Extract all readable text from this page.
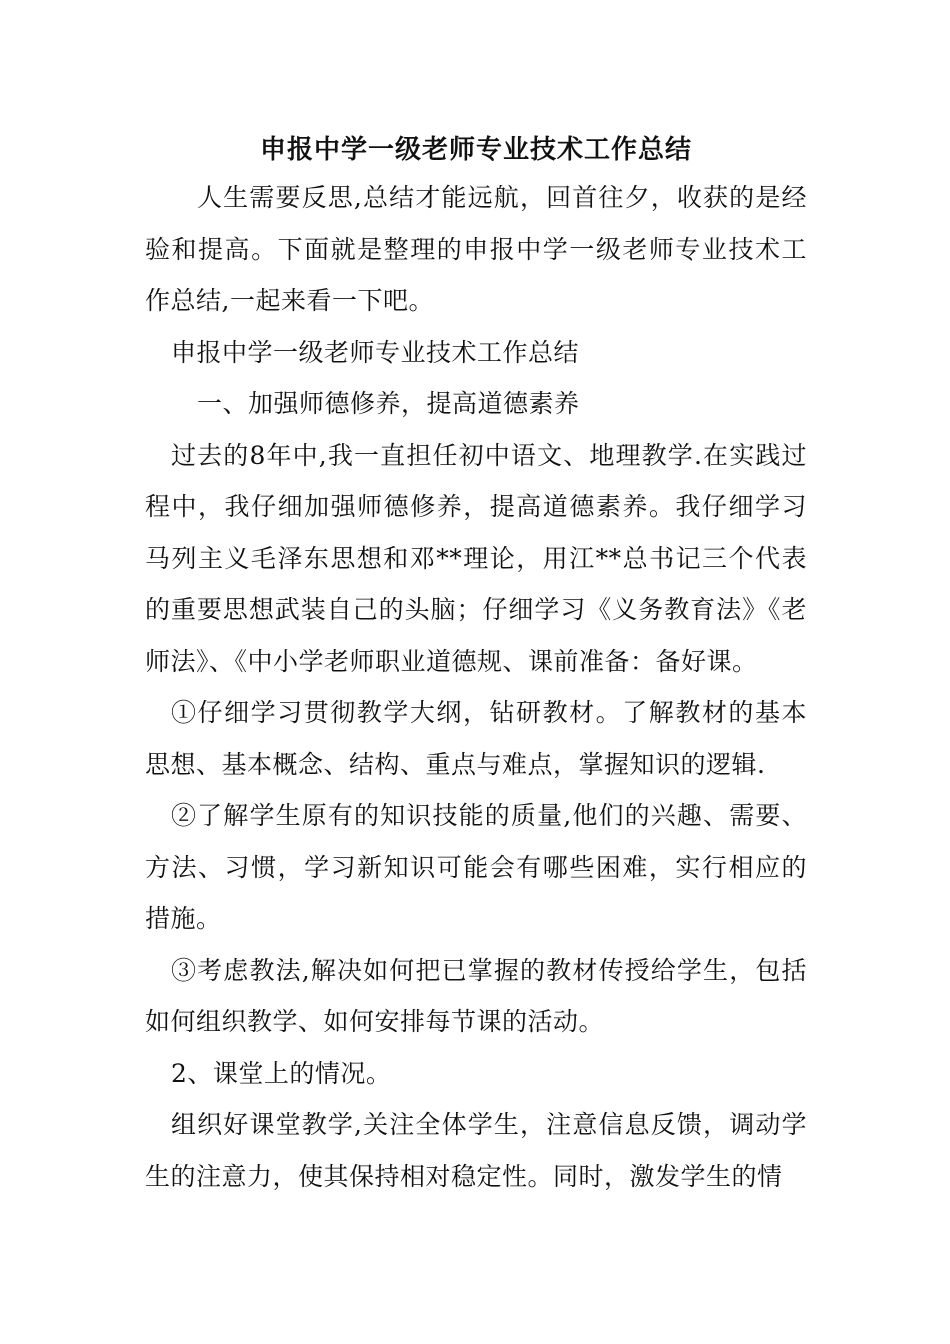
申报中学一级老师专业技术工作总结

人生需要反思,总结才能远航，回首往夕，收获的是经验和提高。下面就是整理的申报中学一级老师专业技术工作总结,一起来看一下吧。

申报中学一级老师专业技术工作总结

一、加强师德修养，提高道德素养

过去的8年中,我一直担任初中语文、地理教学.在实践过程中，我仔细加强师德修养，提高道德素养。我仔细学习马列主义毛泽东思想和邓**理论，用江**总书记三个代表的重要思想武装自己的头脑；仔细学习《义务教育法》《老师法》、《中小学老师职业道德规、课前准备：备好课。

①仔细学习贯彻教学大纲，钻研教材。了解教材的基本思想、基本概念、结构、重点与难点，掌握知识的逻辑.

②了解学生原有的知识技能的质量,他们的兴趣、需要、方法、习惯，学习新知识可能会有哪些困难，实行相应的措施。

③考虑教法,解决如何把已掌握的教材传授给学生，包括如何组织教学、如何安排每节课的活动。

2、课堂上的情况。

组织好课堂教学,关注全体学生，注意信息反馈，调动学生的注意力，使其保持相对稳定性。同时，激发学生的情
